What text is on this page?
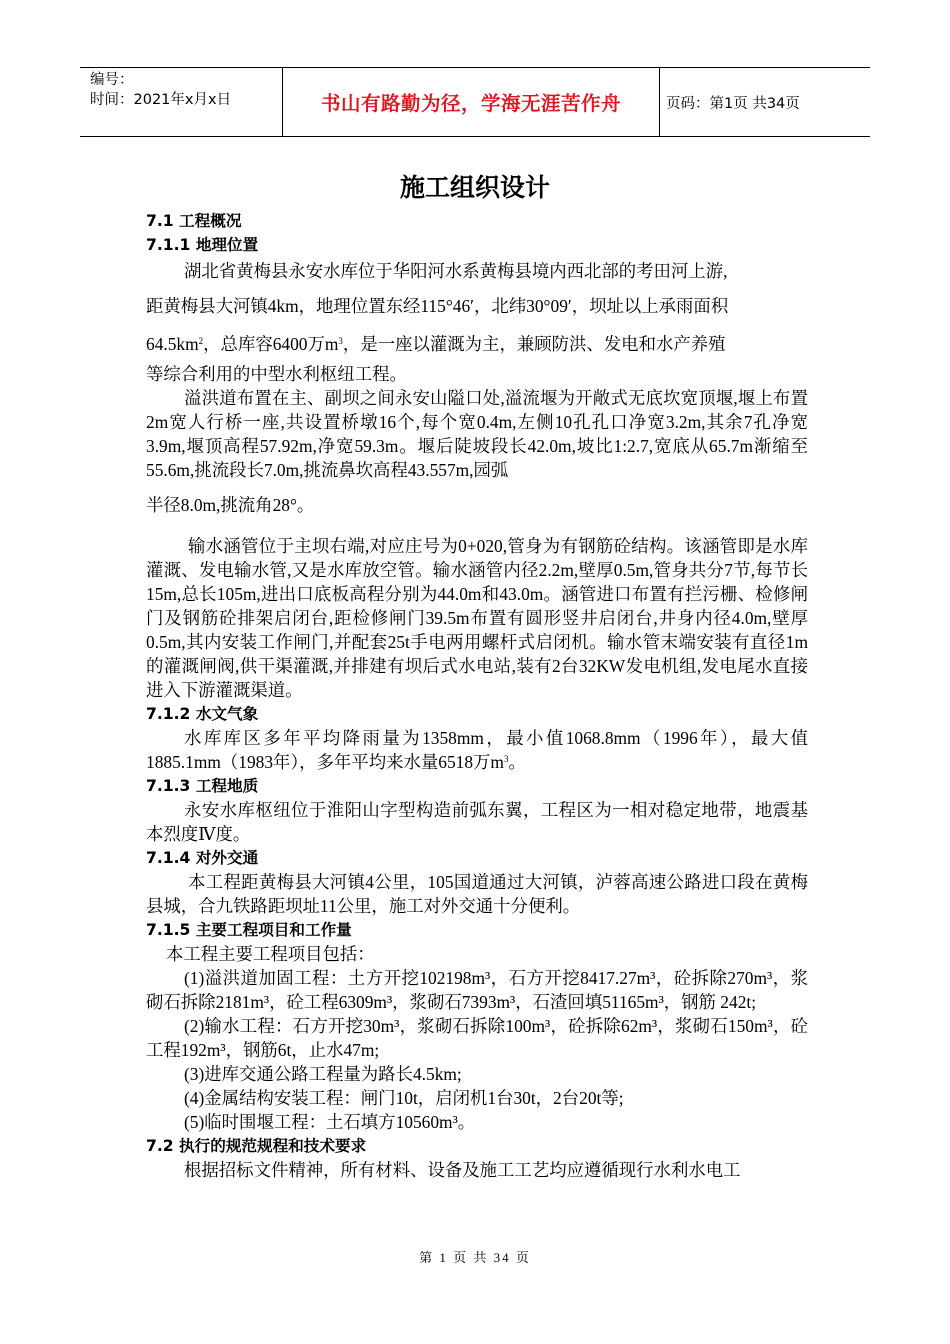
编号：
时间：2021年x月x日	书山有路勤为径，学海无涯苦作舟	页码：第1页 共34页
施工组织设计

7.1 工程概况

7.1.1 地理位置

湖北省黄梅县永安水库位于华阳河水系黄梅县境内西北部的考田河上游,

距黄梅县大河镇4km，地理位置东经115°46′，北纬30°09′，坝址以上承雨面积

$64.5km^2$，总库容6400万$m^3$，是一座以灌溉为主，兼顾防洪、发电和水产养殖

等综合利用的中型水利枢纽工程。

溢洪道布置在主、副坝之间永安山隘口处,溢流堰为开敞式无底坎宽顶堰,堰上布置2m宽人行桥一座,共设置桥墩16个,每个宽0.4m,左侧10孔孔口净宽3.2m,其余7孔净宽3.9m,堰顶高程57.92m,净宽59.3m。堰后陡坡段长42.0m,坡比1:2.7,宽底从65.7m渐缩至55.6m,挑流段长7.0m,挑流鼻坎高程43.557m,园弧

半径8.0m,挑流角28°。

输水涵管位于主坝右端,对应庄号为0+020,管身为有钢筋砼结构。该涵管即是水库灌溉、发电输水管,又是水库放空管。输水涵管内径2.2m,壁厚0.5m,管身共分7节,每节长15m,总长105m,进出口底板高程分别为44.0m和43.0m。涵管进口布置有拦污栅、检修闸门及钢筋砼排架启闭台,距检修闸门39.5m布置有圆形竖井启闭台,井身内径4.0m,壁厚0.5m,其内安装工作闸门,并配套25t手电两用螺杆式启闭机。输水管末端安装有直径1m的灌溉闸阀,供干渠灌溉,并排建有坝后式水电站,装有2台32KW发电机组,发电尾水直接进入下游灌溉渠道。

7.1.2 水文气象

水库库区多年平均降雨量为1358mm，最小值1068.8mm（1996年），最大值1885.1mm（1983年），多年平均来水量6518万$m^3$。

7.1.3 工程地质

永安水库枢纽位于淮阳山字型构造前弧东翼，工程区为一相对稳定地带，地震基本烈度Ⅳ度。

7.1.4 对外交通

本工程距黄梅县大河镇4公里，105国道通过大河镇，泸蓉高速公路进口段在黄梅县城，合九铁路距坝址11公里，施工对外交通十分便利。

7.1.5 主要工程项目和工作量

本工程主要工程项目包括：

(1)溢洪道加固工程：土方开挖102198m³，石方开挖8417.27m³，砼拆除270m³，浆砌石拆除2181m³，砼工程6309m³，浆砌石7393m³，石渣回填51165m³，钢筋 242t;

(2)输水工程：石方开挖30m³，浆砌石拆除100m³，砼拆除62m³，浆砌石150m³，砼工程192m³，钢筋6t，止水47m;

(3)进库交通公路工程量为路长4.5km;

(4)金属结构安装工程：闸门10t，启闭机1台30t，2台20t等;

(5)临时围堰工程：土石填方10560m³。

7.2 执行的规范规程和技术要求

根据招标文件精神，所有材料、设备及施工工艺均应遵循现行水利水电工

第 1 页 共 34 页
